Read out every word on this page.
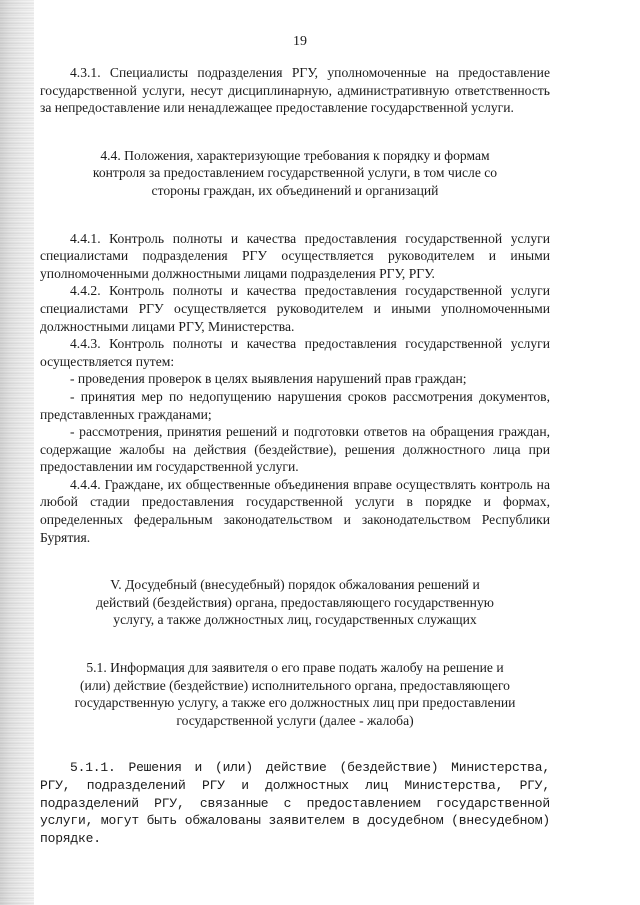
19

4.3.1. Специалисты подразделения РГУ, уполномоченные на предоставление государственной услуги, несут дисциплинарную, административную ответственность за непредоставление или ненадлежащее предоставление государственной услуги.

4.4. Положения, характеризующие требования к порядку и формам контроля за предоставлением государственной услуги, в том числе со стороны граждан, их объединений и организаций

4.4.1. Контроль полноты и качества предоставления государственной услуги специалистами подразделения РГУ осуществляется руководителем и иными уполномоченными должностными лицами подразделения РГУ, РГУ.

4.4.2. Контроль полноты и качества предоставления государственной услуги специалистами РГУ осуществляется руководителем и иными уполномоченными должностными лицами РГУ, Министерства.

4.4.3. Контроль полноты и качества предоставления государственной услуги осуществляется путем:

- проведения проверок в целях выявления нарушений прав граждан;

- принятия мер по недопущению нарушения сроков рассмотрения документов, представленных гражданами;

- рассмотрения, принятия решений и подготовки ответов на обращения граждан, содержащие жалобы на действия (бездействие), решения должностного лица при предоставлении им государственной услуги.

4.4.4. Граждане, их общественные объединения вправе осуществлять контроль на любой стадии предоставления государственной услуги в порядке и формах, определенных федеральным законодательством и законодательством Республики Бурятия.

V. Досудебный (внесудебный) порядок обжалования решений и действий (бездействия) органа, предоставляющего государственную услугу, а также должностных лиц, государственных служащих

5.1. Информация для заявителя о его праве подать жалобу на решение и (или) действие (бездействие) исполнительного органа, предоставляющего государственную услугу, а также его должностных лиц при предоставлении государственной услуги (далее - жалоба)

5.1.1. Решения и (или) действие (бездействие) Министерства, РГУ, подразделений РГУ и должностных лиц Министерства, РГУ, подразделений РГУ, связанные с предоставлением государственной услуги, могут быть обжалованы заявителем в досудебном (внесудебном) порядке.
